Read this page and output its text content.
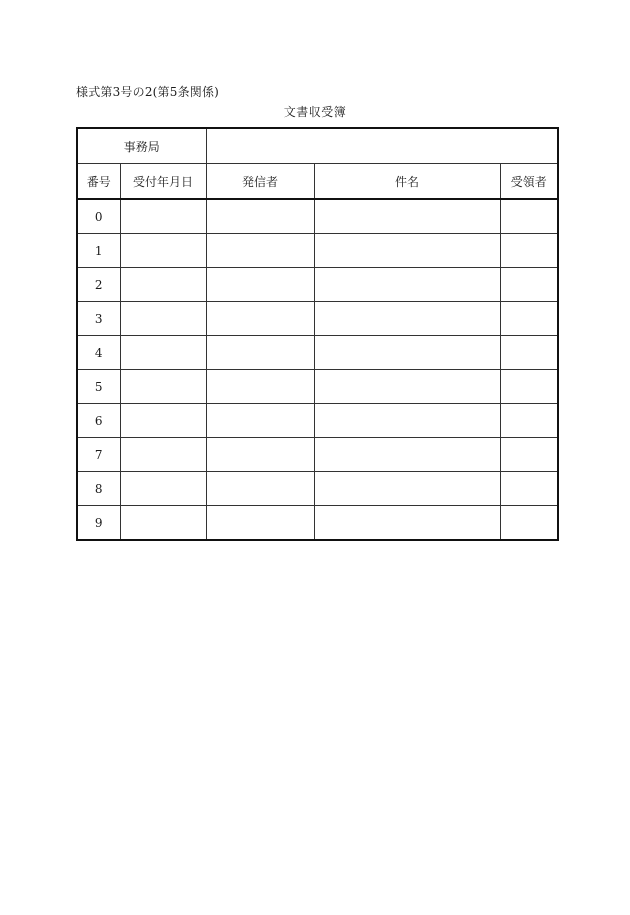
様式第3号の2(第5条関係)
文書収受簿
事務局				
番号	受付年月日	発信者	件名	受領者
0				
1				
2				
3				
4				
5				
6				
7				
8				
9				
